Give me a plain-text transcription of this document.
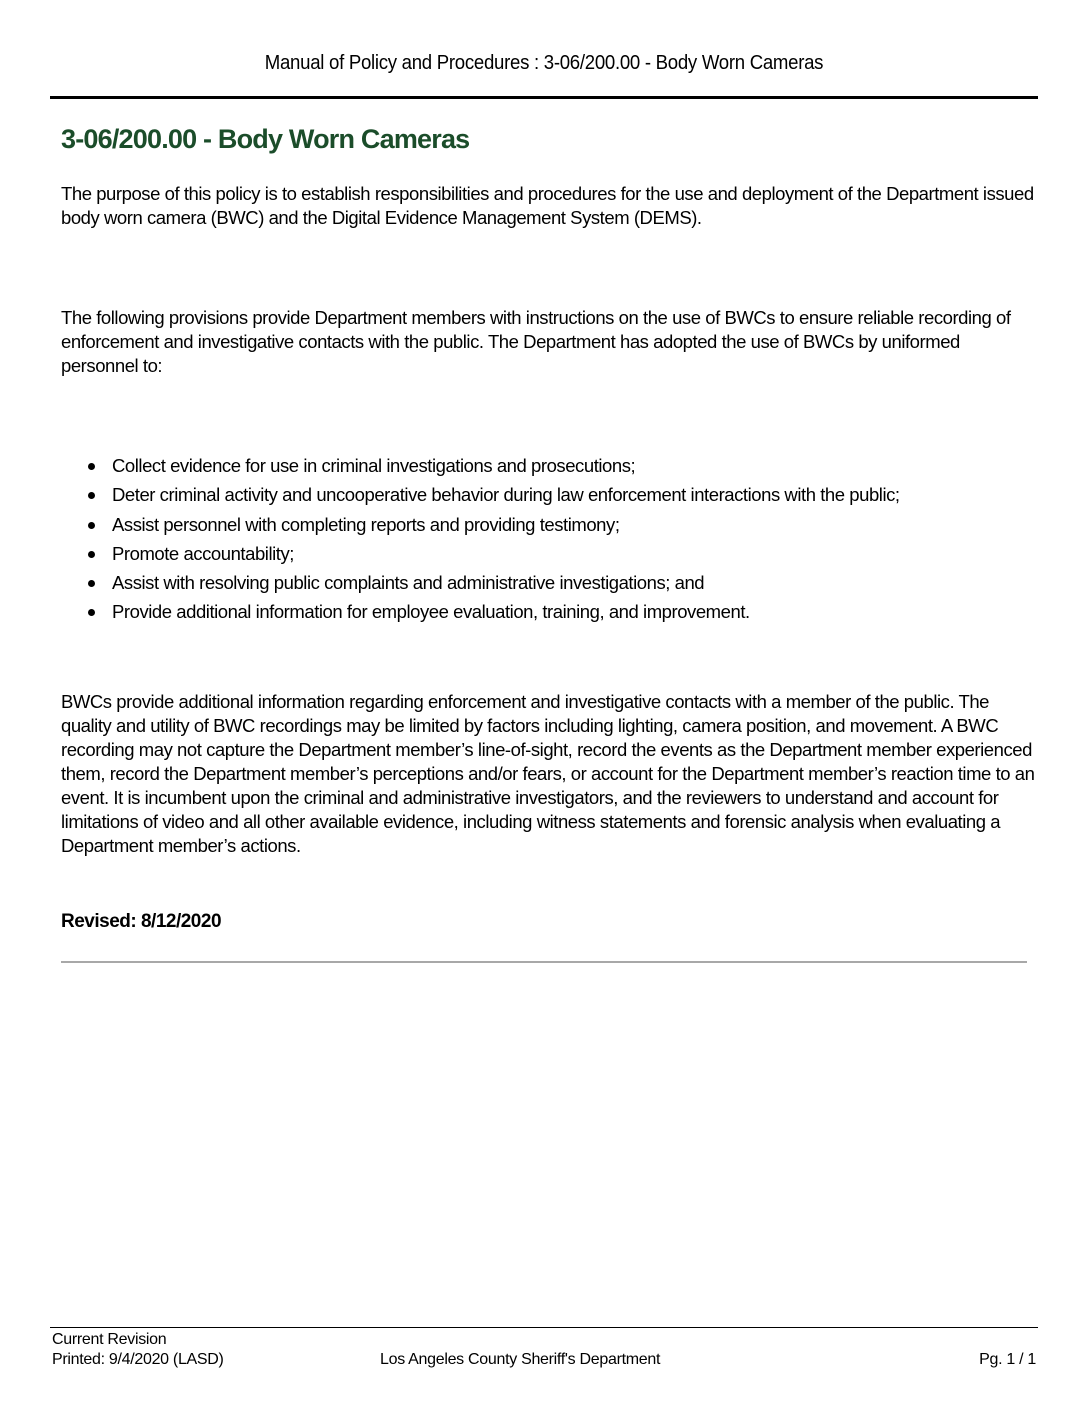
Manual of Policy and Procedures : 3-06/200.00 - Body Worn Cameras
3-06/200.00 - Body Worn Cameras

The purpose of this policy is to establish responsibilities and procedures for the use and deployment of the Department issued body worn camera (BWC) and the Digital Evidence Management System (DEMS).

The following provisions provide Department members with instructions on the use of BWCs to ensure reliable recording of enforcement and investigative contacts with the public. The Department has adopted the use of BWCs by uniformed personnel to:

Collect evidence for use in criminal investigations and prosecutions;
Deter criminal activity and uncooperative behavior during law enforcement interactions with the public;
Assist personnel with completing reports and providing testimony;
Promote accountability;
Assist with resolving public complaints and administrative investigations; and
Provide additional information for employee evaluation, training, and improvement.

BWCs provide additional information regarding enforcement and investigative contacts with a member of the public. The quality and utility of BWC recordings may be limited by factors including lighting, camera position, and movement. A BWC recording may not capture the Department member’s line-of-sight, record the events as the Department member experienced them, record the Department member’s perceptions and/or fears, or account for the Department member’s reaction time to an event. It is incumbent upon the criminal and administrative investigators, and the reviewers to understand and account for limitations of video and all other available evidence, including witness statements and forensic analysis when evaluating a Department member’s actions.

Revised: 8/12/2020
Current Revision
Printed: 9/4/2020 (LASD)	Los Angeles County Sheriff's Department	Pg. 1 / 1
